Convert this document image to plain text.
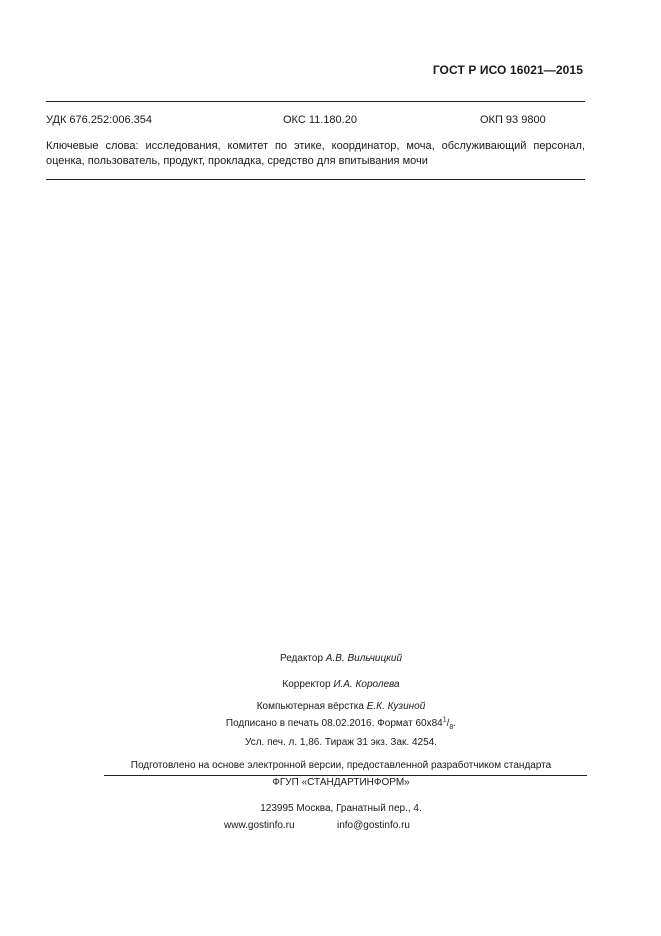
ГОСТ Р ИСО 16021—2015
УДК 676.252:006.354	ОКС 11.180.20	ОКП 93 9800
Ключевые слова: исследования, комитет по этике, координатор, моча, обслуживающий персонал,
оценка, пользователь, продукт, прокладка, средство для впитывания мочи
Редактор А.В. Вильчицкий
Корректор И.А. Королева
Компьютерная вёрстка Е.К. Кузиной
Подписано в печать 08.02.2016. Формат $60x84^1/_8$.
Усл. печ. л. 1,86. Тираж 31 экз. Зак. 4254.
Подготовлено на основе электронной версии, предоставленной разработчиком стандарта
ФГУП «СТАНДАРТИНФОРМ»
123995 Москва, Гранатный пер., 4.
www.gostinfo.ru	info@gostinfo.ru
